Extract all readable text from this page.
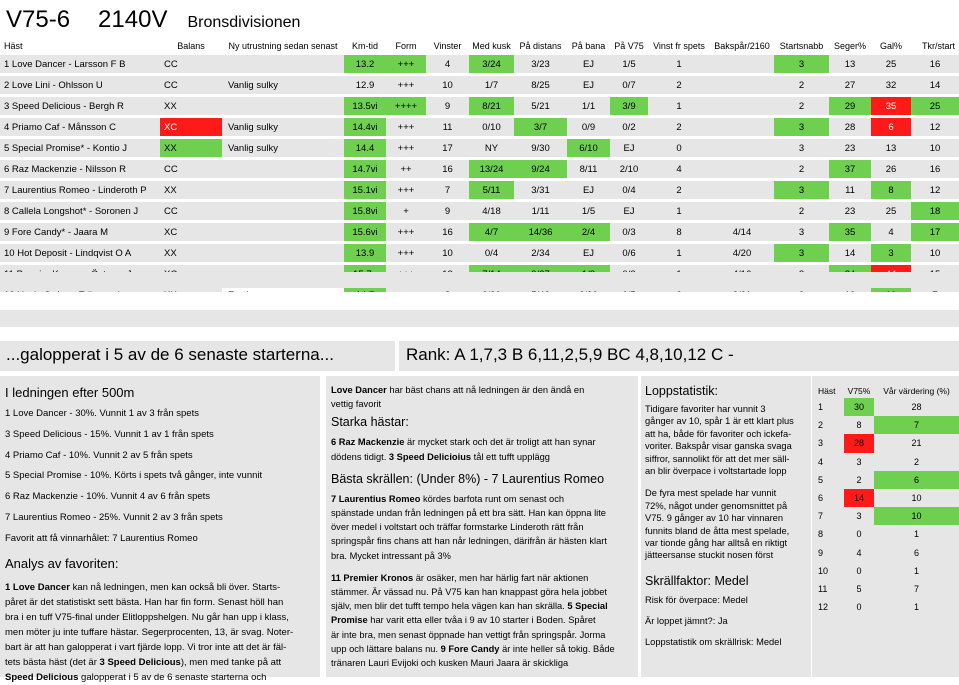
V75-6 2140V Bronsdivisionen
Häst	Balans	Ny utrustning sedan senast	Km-tid	Form	Vinster	Med kusk	På distans	På bana	På V75	Vinst fr spets	Bakspår/2160	Startsnabb	Seger%	Gal%	Tkr/start
1 Love Dancer - Larsson F B	CC		13.2	+++	4	3/24	3/23	EJ	1/5	1		3	13	25	16

2 Love Lini - Ohlsson U	CC	Vanlig sulky	12.9	+++	10	1/7	8/25	EJ	0/7	2		2	27	32	14

3 Speed Delicious - Bergh R	XX		13.5vi	++++	9	8/21	5/21	1/1	3/9	1		2	29	35	25

4 Priamo Caf - Månsson C	XC	Vanlig sulky	14.4vi	+++	11	0/10	3/7	0/9	0/2	2		3	28	6	12

5 Special Promise* - Kontio J	XX	Vanlig sulky	14.4	+++	17	NY	9/30	6/10	EJ	0		3	23	13	10

6 Raz Mackenzie - Nilsson R	CC		14.7vi	++	16	13/24	9/24	8/11	2/10	4		2	37	26	16

7 Laurentius Romeo - Linderoth P	XX		15.1vi	+++	7	5/11	3/31	EJ	0/4	2		3	11	8	12

8 Callela Longshot* - Soronen J	CC		15.8vi	+	9	4/18	1/11	1/5	EJ	1		2	23	25	18

9 Fore Candy* - Jaara M	XC		15.6vi	+++	16	4/7	14/36	2/4	0/3	8	4/14	3	35	4	17

10 Hot Deposit - Lindqvist O A	XX		13.9	+++	10	0/4	2/34	EJ	0/6	1	4/20	3	14	3	10

...galopperat i 5 av de 6 senaste starterna...	Rank: A 1,7,3 B 6,11,2,5,9 BC 4,8,10,12 C -
I ledningen efter 500m
1 Love Dancer - 30%. Vunnit 1 av 3 från spets
3 Speed Delicious - 15%. Vunnit 1 av 1 från spets
4 Priamo Caf - 10%. Vunnit 2 av 5 från spets
5 Special Promise - 10%. Körts i spets två gånger, inte vunnit
6 Raz Mackenzie - 10%. Vunnit 4 av 6 från spets
7 Laurentius Romeo - 25%. Vunnit 2 av 3 från spets
Favorit att få vinnarhålet: 7 Laurentius Romeo
Analys av favoriten:
1 Love Dancer kan nå ledningen, men kan också bli över. Starts-
påret är det statistiskt sett bästa. Han har fin form. Senast höll han
bra i en tuff V75-final under Elitloppshelgen. Nu går han upp i klass,
men möter ju inte tuffare hästar. Segerprocenten, 13, är svag. Noter-
bart är att han galopperat i vart fjärde lopp. Vi tror inte att det är fäl-
tets bästa häst (det är 3 Speed Delicious), men med tanke på att
Speed Delicious galopperat i 5 av de 6 senaste starterna och
Love Dancer har bäst chans att nå ledningen är den ändå en
vettig favorit
Starka hästar:
6 Raz Mackenzie är mycket stark och det är troligt att han synar
dödens tidigt. 3 Speed Delicioius tål ett tufft upplägg
Bästa skrällen: (Under 8%) - 7 Laurentius Romeo
7 Laurentius Romeo kördes barfota runt om senast och
spänstade undan från ledningen på ett bra sätt. Han kan öppna lite
över medel i voltstart och träffar formstarke Linderoth rätt från
springspår fins chans att han når ledningen, därifrån är hästen klart
bra. Mycket intressant på 3%
11 Premier Kronos är osäker, men har härlig fart när aktionen
stämmer. Är vässad nu. På V75 kan han knappast göra hela jobbet
själv, men blir det tufft tempo hela vägen kan han skrälla. 5 Special
Promise har varit etta eller tvåa i 9 av 10 starter i Boden. Spåret
är inte bra, men senast öppnade han vettigt från springspår. Jorma
upp och lättare balans nu. 9 Fore Candy är inte heller så tokig. Både
tränaren Lauri Evijoki och kusken Mauri Jaara är skickliga
Loppstatistik:
Tidigare favoriter har vunnit 3
gånger av 10, spår 1 är ett klart plus
att ha, både för favoriter och ickefa-
voriter. Bakspår visar ganska svaga
siffror, sannolikt för att det mer säll-
an blir överpace i voltstartade lopp
De fyra mest spelade har vunnit
72%, något under genomsnittet på
V75. 9 gånger av 10 har vinnaren
funnits bland de åtta mest spelade,
var tionde gång har alltså en riktigt
jätteersanse stuckit nosen först
Skrällfaktor: Medel
Risk för överpace: Medel
Är loppet jämnt?: Ja
Loppstatistik om skrällrisk: Medel
Häst	V75%	Vår värdering (%)
1	30	28
2	8	7
3	28	21
4	3	2
5	2	6
6	14	10
7	3	10
8	0	1
9	4	6
10	0	1
11	5	7
12	0	1
